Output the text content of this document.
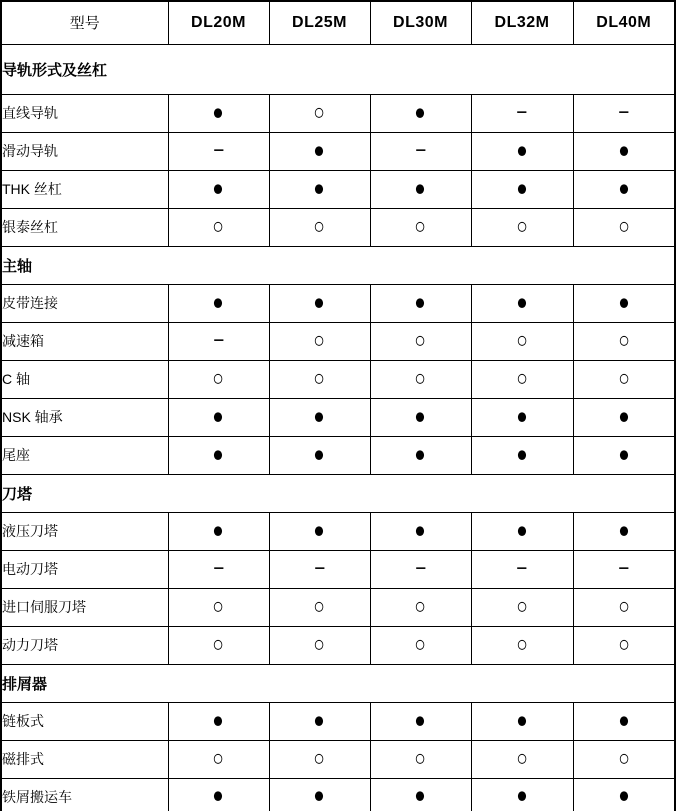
型号	DL20M	DL25M	DL30M	DL32M	DL40M
导轨形式及丝杠					
直线导轨	●	○	●	−	−
滑动导轨	−	●	−	●	●
THK 丝杠	●	●	●	●	●
银泰丝杠	○	○	○	○	○
主轴					
皮带连接	●	●	●	●	●
减速箱	−	○	○	○	○
C 轴	○	○	○	○	○
NSK 轴承	●	●	●	●	●
尾座	●	●	●	●	●
刀塔					
液压刀塔	●	●	●	●	●
电动刀塔	−	−	−	−	−
进口伺服刀塔	○	○	○	○	○
动力刀塔	○	○	○	○	○
排屑器					
链板式	●	●	●	●	●
磁排式	○	○	○	○	○
铁屑搬运车	●	●	●	●	●
